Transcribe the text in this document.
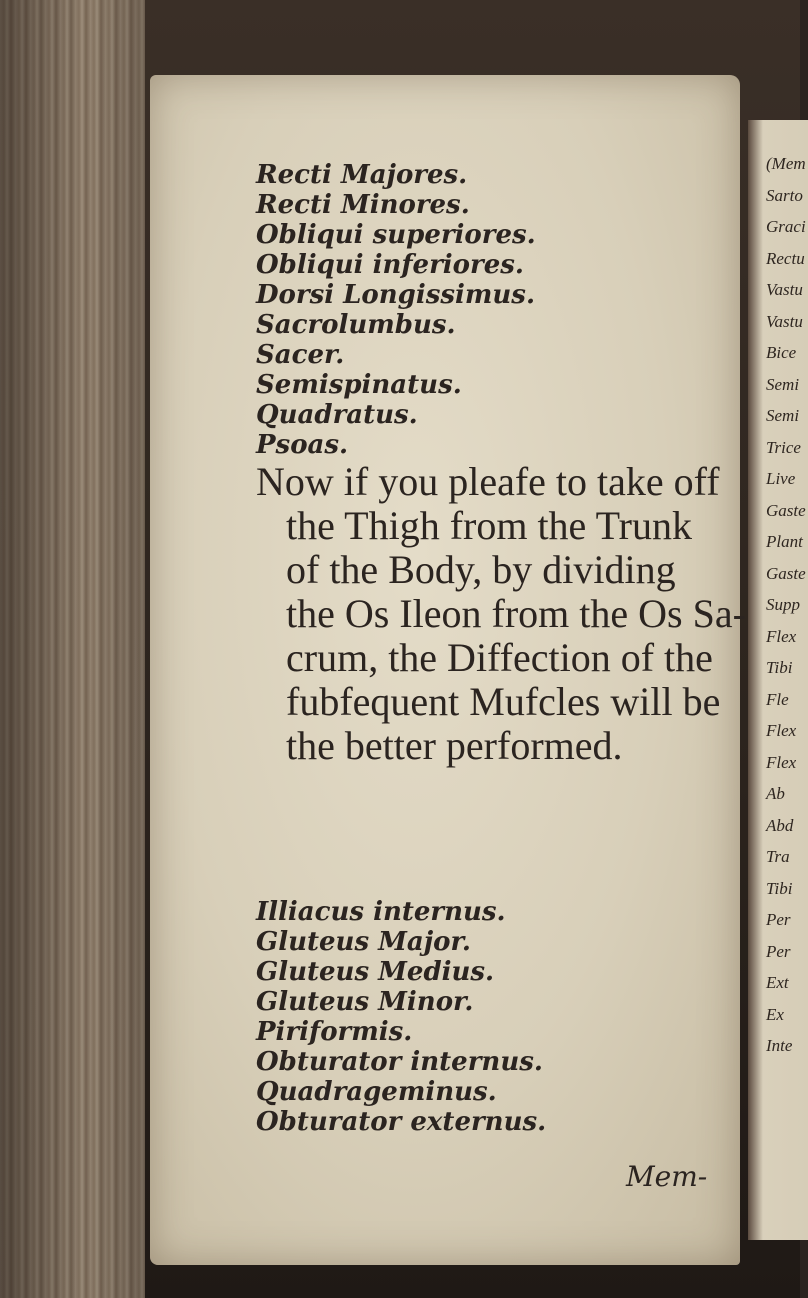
(Mem
Sarto
Graci
Rectu
Vastu
Vastu
Bice
Semi
Semi
Trice
Live
Gaste
Plant
Gaste
Supp
Flex
Tibi
Fle
Flex
Flex
Ab
Abd
Tra
Tibi
Per
Per
Ext
Ex
Inte
Recti Majores.
Recti Minores.
Obliqui superiores.
Obliqui inferiores.
Dorsi Longissimus.
Sacrolumbus.
Sacer.
Semispinatus.
Quadratus.
Psoas.
Now if you pleafe to take off
the Thigh from the Trunk
of the Body, by dividing
the Os Ileon from the Os Sa-
crum, the Diffection of the
fubfequent Mufcles will be
the better performed.
Illiacus internus.
Gluteus Major.
Gluteus Medius.
Gluteus Minor.
Piriformis.
Obturator internus.
Quadrageminus.
Obturator externus.
Mem-
